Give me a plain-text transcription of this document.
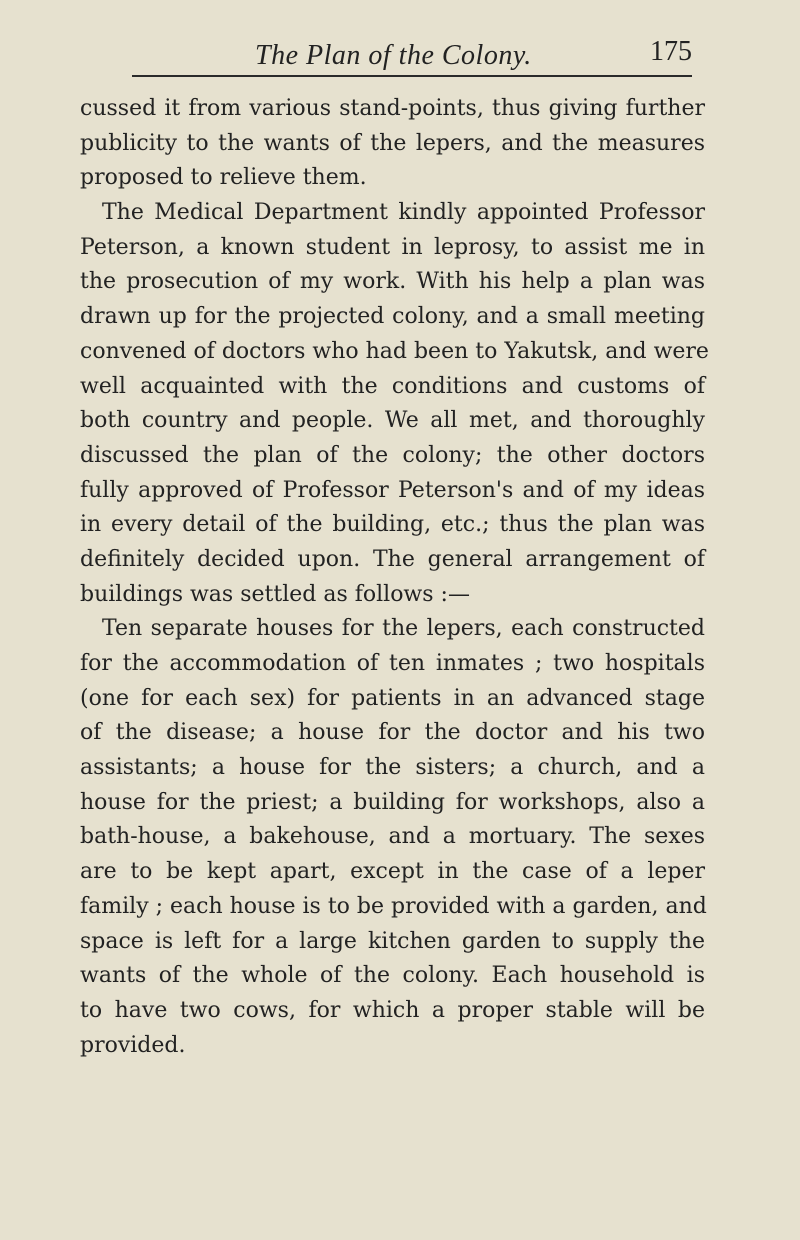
The Plan of the Colony.	175
cussed it from various stand-points, thus giving further
publicity to the wants of the lepers, and the measures
proposed to relieve them.
The Medical Department kindly appointed Professor
Peterson, a known student in leprosy, to assist me in
the prosecution of my work. With his help a plan was
drawn up for the projected colony, and a small meeting
convened of doctors who had been to Yakutsk, and were
well acquainted with the conditions and customs of
both country and people. We all met, and thoroughly
discussed the plan of the colony; the other doctors
fully approved of Professor Peterson's and of my ideas
in every detail of the building, etc.; thus the plan was
definitely decided upon. The general arrangement of
buildings was settled as follows :—
Ten separate houses for the lepers, each constructed
for the accommodation of ten inmates ; two hospitals
(one for each sex) for patients in an advanced stage
of the disease; a house for the doctor and his two
assistants; a house for the sisters; a church, and a
house for the priest; a building for workshops, also a
bath-house, a bakehouse, and a mortuary. The sexes
are to be kept apart, except in the case of a leper
family ; each house is to be provided with a garden, and
space is left for a large kitchen garden to supply the
wants of the whole of the colony. Each household is
to have two cows, for which a proper stable will be
provided.
